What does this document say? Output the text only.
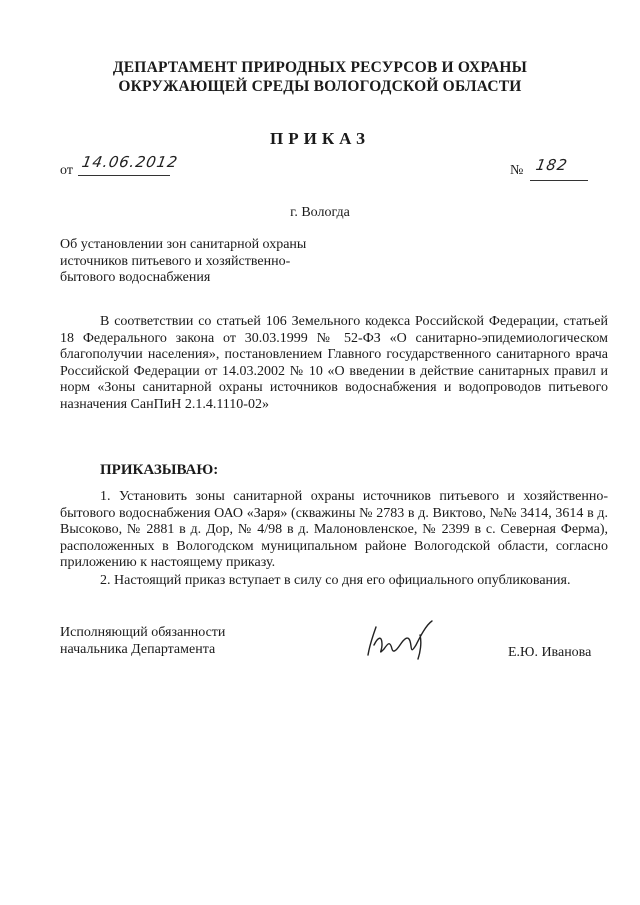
ДЕПАРТАМЕНТ ПРИРОДНЫХ РЕСУРСОВ И ОХРАНЫ
ОКРУЖАЮЩЕЙ СРЕДЫ ВОЛОГОДСКОЙ ОБЛАСТИ
ПРИКАЗ
от 14.06.2012	№ 182
г. Вологда
Об установлении зон санитарной охраны источников питьевого и хозяйственно-бытового водоснабжения
В соответствии со статьей 106 Земельного кодекса Российской Федерации, статьей 18 Федерального закона от 30.03.1999 № 52-ФЗ «О санитарно-эпидемиологическом благополучии населения», постановлением Главного государственного санитарного врача Российской Федерации от 14.03.2002 № 10 «О введении в действие санитарных правил и норм «Зоны санитарной охраны источников водоснабжения и водопроводов питьевого назначения СанПиН 2.1.4.1110-02»
ПРИКАЗЫВАЮ:
1. Установить зоны санитарной охраны источников питьевого и хозяйственно-бытового водоснабжения ОАО «Заря» (скважины № 2783 в д. Виктово, №№ 3414, 3614 в д. Высоково, № 2881 в д. Дор, № 4/98 в д. Малоновленское, № 2399 в с. Северная Ферма), расположенных в Вологодском муниципальном районе Вологодской области, согласно приложению к настоящему приказу.
2. Настоящий приказ вступает в силу со дня его официального опубликования.
Исполняющий обязанности
начальника Департамента	Е.Ю. Иванова
